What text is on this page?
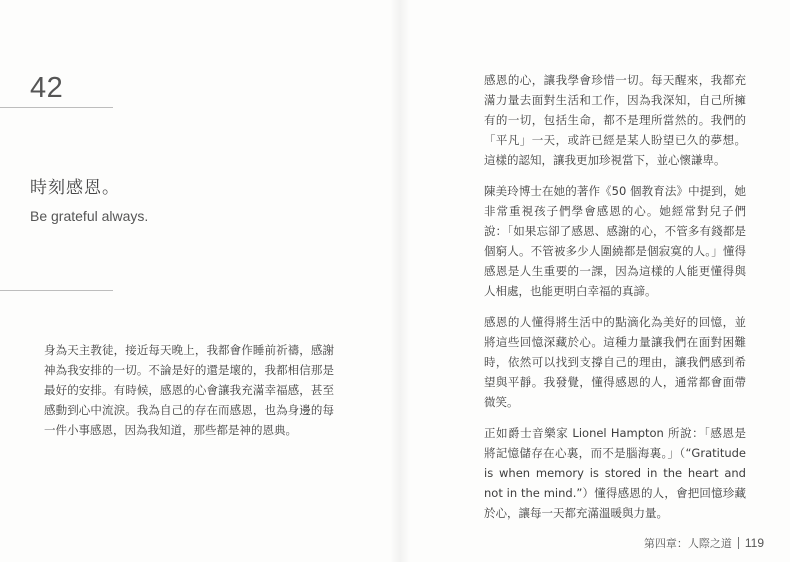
42
時刻感恩。
Be grateful always.

身為天主教徒，接近每天晚上，我都會作睡前祈禱，感謝神為我安排的一切。不論是好的還是壞的，我都相信那是最好的安排。有時候，感恩的心會讓我充滿幸福感，甚至感動到心中流淚。我為自己的存在而感恩，也為身邊的每一件小事感恩，因為我知道，那些都是神的恩典。

感恩的心，讓我學會珍惜一切。每天醒來，我都充滿力量去面對生活和工作，因為我深知，自己所擁有的一切，包括生命，都不是理所當然的。我們的「平凡」一天，或許已經是某人盼望已久的夢想。這樣的認知，讓我更加珍視當下，並心懷謙卑。

陳美玲博士在她的著作《50 個教育法》中提到，她非常重視孩子們學會感恩的心。她經常對兒子們說：「如果忘卻了感恩、感謝的心，不管多有錢都是個窮人。不管被多少人圍繞都是個寂寞的人。」懂得感恩是人生重要的一課，因為這樣的人能更懂得與人相處，也能更明白幸福的真諦。

感恩的人懂得將生活中的點滴化為美好的回憶，並將這些回憶深藏於心。這種力量讓我們在面對困難時，依然可以找到支撐自己的理由，讓我們感到希望與平靜。我發覺，懂得感恩的人，通常都會面帶微笑。

正如爵士音樂家 Lionel Hampton 所說：「感恩是將記憶儲存在心裏，而不是腦海裏。」（“Gratitude is when memory is stored in the heart and not in the mind.”）懂得感恩的人，會把回憶珍藏於心，讓每一天都充滿溫暖與力量。

第四章：人際之道 119
